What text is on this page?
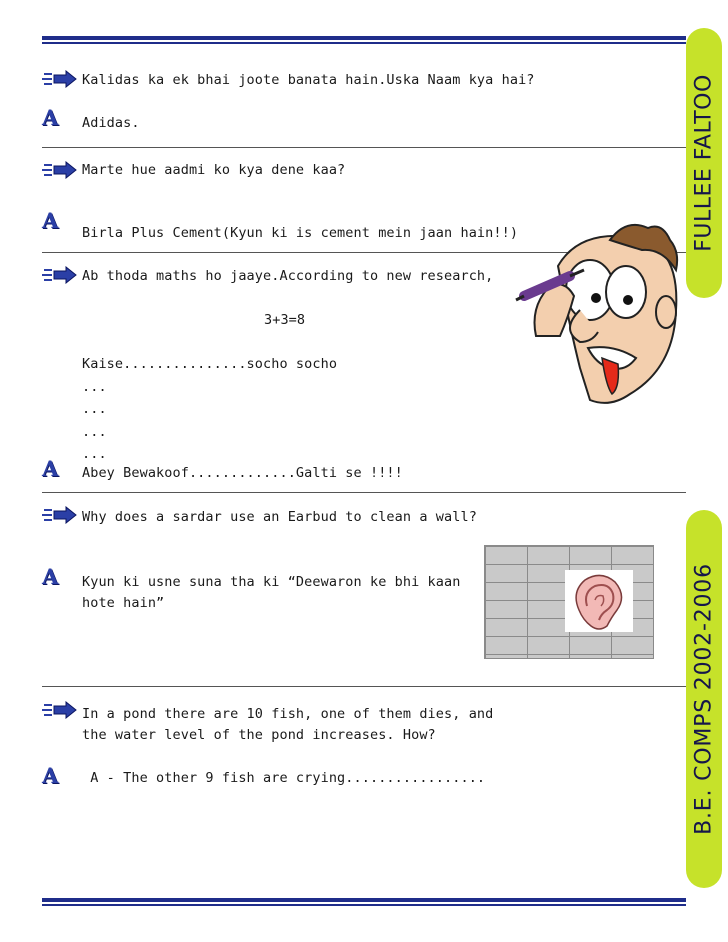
FULLEE FALTOO
B.E. COMPS 2002-2006
Kalidas ka ek bhai joote banata hain.Uska Naam kya hai?
A	Adidas.
Marte hue aadmi ko kya dene kaa?
A	Birla Plus Cement(Kyun ki is cement mein jaan hain!!)
Ab thoda maths ho jaaye.According to new research,
3+3=8
Kaise...............socho socho
...
...
...
...
A	Abey Bewakoof.............Galti se !!!!
Why does a sardar use an Earbud to clean a wall?
A	Kyun ki usne suna tha ki “Deewaron ke bhi kaan
hote hain”
In a pond there are 10 fish, one of them dies, and
the water level of the pond increases. How?
A	A - The other 9 fish are crying.................
